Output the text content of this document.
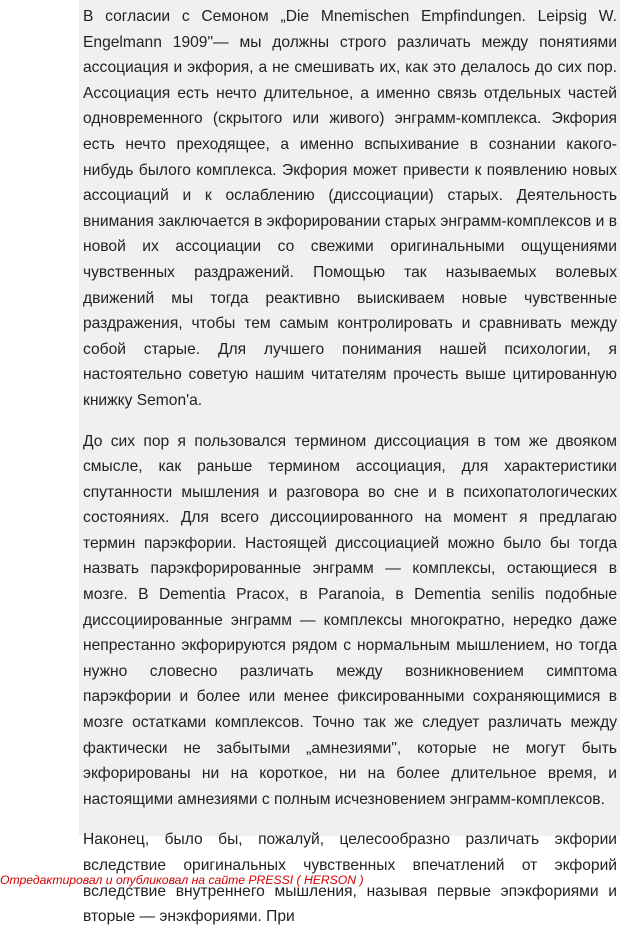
В согласии с Семоном „Die Mnemischen Empfindungen. Leipsig W. Engelmann 1909"— мы должны строго различать между понятиями ассоциация и экфория, а не смешивать их, как это делалось до сих пор. Ассоциация есть нечто длительное, а именно связь отдельных частей одновременного (скрытого или живого) энграмм-комплекса. Экфория есть нечто преходящее, а именно вспыхивание в сознании какого-нибудь былого комплекса. Экфория может привести к появлению новых ассоциаций и к ослаблению (диссоциации) старых. Деятельность внимания заключается в экфорировании старых энграмм-комплексов и в новой их ассоциации со свежими оригинальными ощущениями чувственных раздражений. Помощью так называемых волевых движений мы тогда реактивно выискиваем новые чувственные раздражения, чтобы тем самым контролировать и сравнивать между собой старые. Для лучшего понимания нашей психологии, я настоятельно советую нашим читателям прочесть выше цитированную книжку Semon'a.

До сих пор я пользовался термином диссоциация в том же двояком смысле, как раньше термином ассоциация, для характеристики спутанности мышления и разговора во сне и в психопатологических состояниях. Для всего диссоциированного на момент я предлагаю термин парэкфории. Настоящей диссоциацией можно было бы тогда назвать парэкфорированные энграмм — комплексы, остающиеся в мозге. В Dementia Pracox, в Paranoia, в Dementia senilis подобные диссоциированные энграмм — комплексы многократно, нередко даже непрестанно экфорируются рядом с нормальным мышлением, но тогда нужно словесно различать между возникновением симптома парэкфории и более или менее фиксированными сохраняющимися в мозге остатками комплексов. Точно так же следует различать между фактически не забытыми „амнезиями", которые не могут быть экфорированы ни на короткое, ни на более длительное время, и настоящими амнезиями с полным исчезновением энграмм-комплексов.

Наконец, было бы, пожалуй, целесообразно различать экфории вследствие оригинальных чувственных впечатлений от экфорий вследствие внутреннего мышления, называя первые эпэкфориями и вторые — энэкфориями. При

Отредактировал и опубликовал на сайте PRESSI ( HERSON )
